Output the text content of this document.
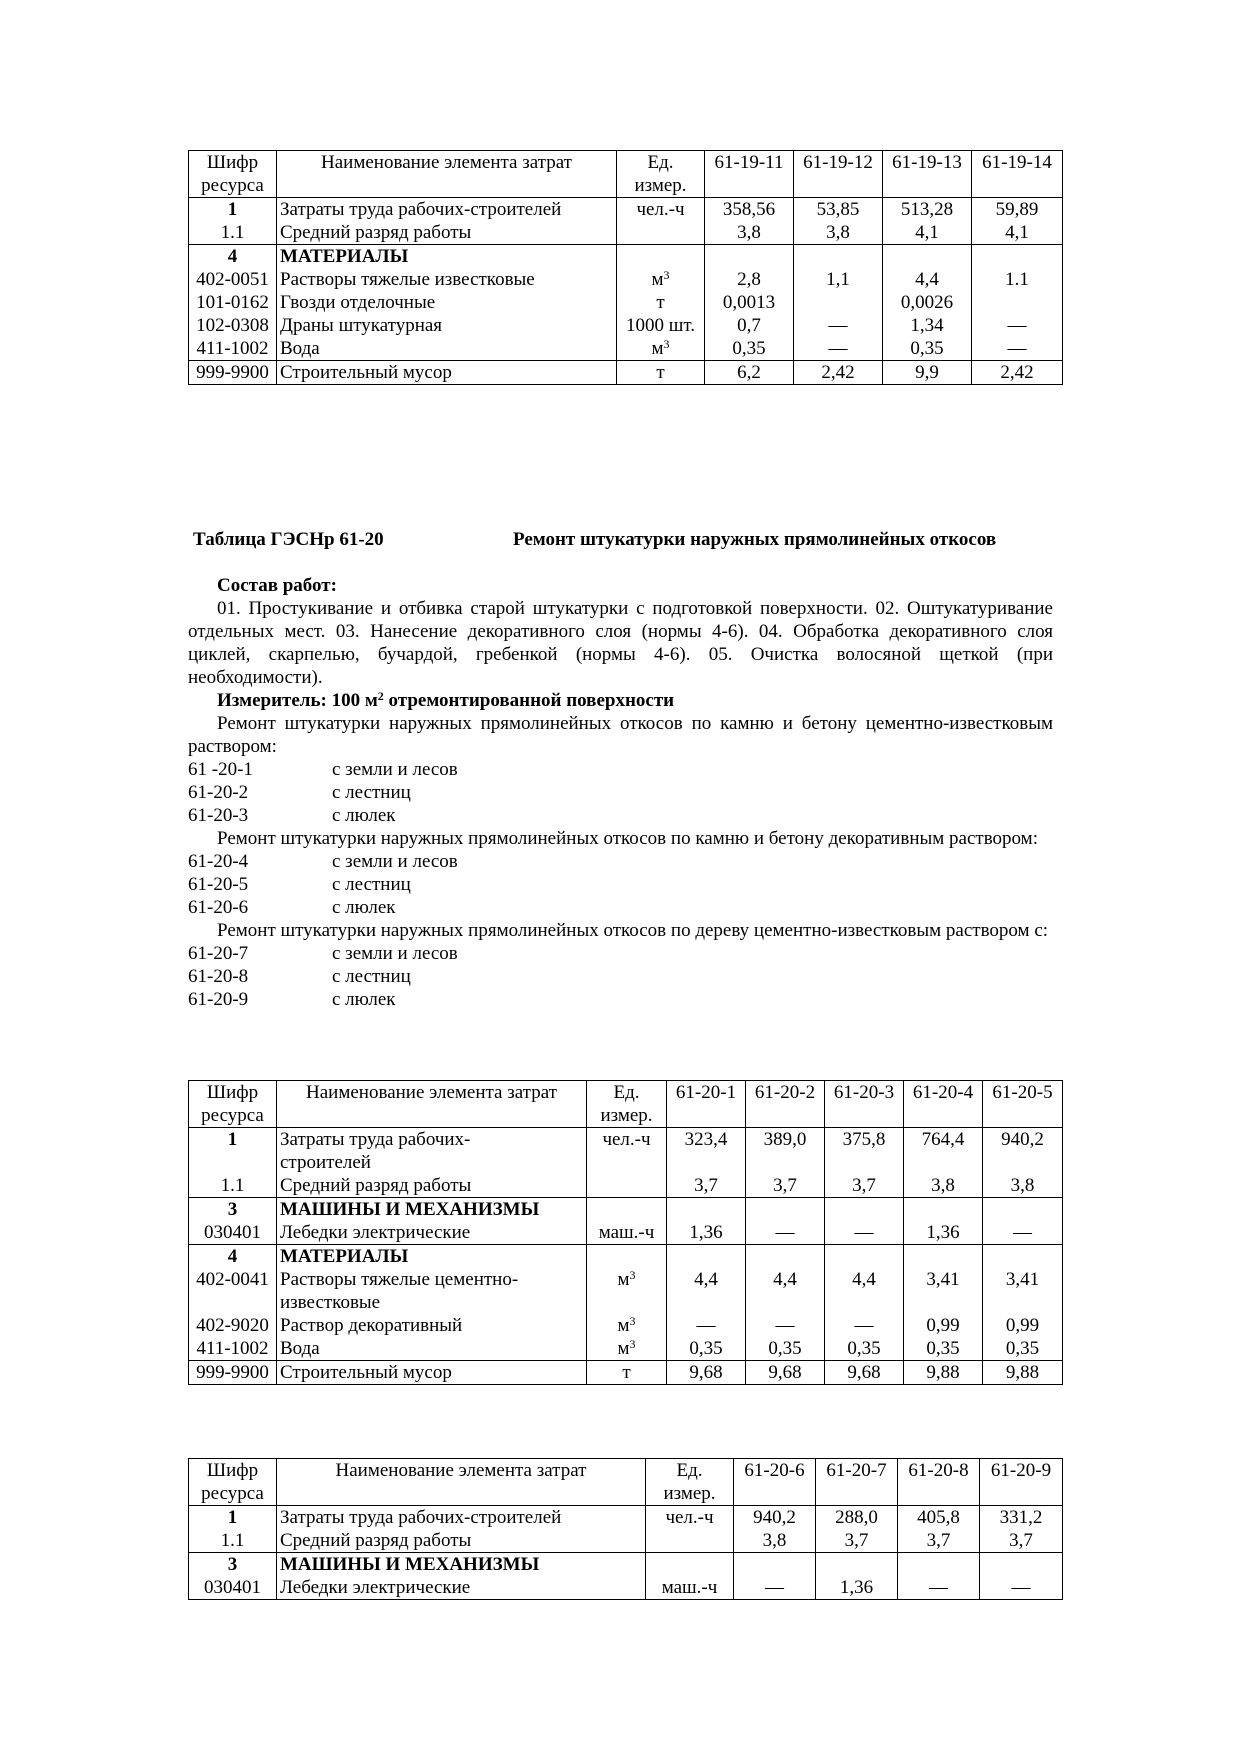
Шифр ресурса	Наименование элемента затрат	Ед. измер.	61-19-11	61-19-12	61-19-13	61-19-14
1	Затраты труда рабочих-строителей	чел.-ч	358,56	53,85	513,28	59,89
1.1	Средний разряд работы		3,8	3,8	4,1	4,1
4	МАТЕРИАЛЫ					
402-0051	Растворы тяжелые известковые	$м^3$	2,8	1,1	4,4	1.1
101-0162	Гвозди отделочные	т	0,0013		0,0026	
102-0308	Драны штукатурная	1000 шт.	0,7	—	1,34	—
411-1002	Вода	$м^3$	0,35	—	0,35	—
999-9900	Строительный мусор	т	6,2	2,42	9,9	2,42
Таблица ГЭСНр 61-20	Ремонт штукатурки наружных прямолинейных откосов
Состав работ:
01. Простукивание и отбивка старой штукатурки с подготовкой поверхности. 02. Оштукатуривание отдельных мест. 03. Нанесение декоративного слоя (нормы 4-6). 04. Обработка декоративного слоя циклей, скарпелью, бучардой, гребенкой (нормы 4-6). 05. Очистка волосяной щеткой (при необходимости).
Измеритель: 100 $м^2$ отремонтированной поверхности
Ремонт штукатурки наружных прямолинейных откосов по камню и бетону цементно-известковым раствором:
61 -20-1	с земли и лесов
61-20-2	с лестниц
61-20-3	с люлек
Ремонт штукатурки наружных прямолинейных откосов по камню и бетону декоративным раствором:
61-20-4	с земли и лесов
61-20-5	с лестниц
61-20-6	с люлек
Ремонт штукатурки наружных прямолинейных откосов по дереву цементно-известковым раствором с:
61-20-7	с земли и лесов
61-20-8	с лестниц
61-20-9	с люлек
Шифр ресурса	Наименование элемента затрат	Ед. измер.	61-20-1	61-20-2	61-20-3	61-20-4	61-20-5
1	Затраты труда рабочих-
строителей	чел.-ч	323,4	389,0	375,8	764,4	940,2
1.1	Средний разряд работы		3,7	3,7	3,7	3,8	3,8
3	МАШИНЫ И МЕХАНИЗМЫ						
030401	Лебедки электрические	маш.-ч	1,36	—	—	1,36	—
4	МАТЕРИАЛЫ						
402-0041	Растворы тяжелые цементно-
известковые	$м^3$	4,4	4,4	4,4	3,41	3,41
402-9020	Раствор декоративный	$м^3$	—	—	—	0,99	0,99
411-1002	Вода	$м^3$	0,35	0,35	0,35	0,35	0,35
999-9900	Строительный мусор	т	9,68	9,68	9,68	9,88	9,88
Шифр ресурса	Наименование элемента затрат	Ед. измер.	61-20-6	61-20-7	61-20-8	61-20-9
1	Затраты труда рабочих-строителей	чел.-ч	940,2	288,0	405,8	331,2
1.1	Средний разряд работы		3,8	3,7	3,7	3,7
3	МАШИНЫ И МЕХАНИЗМЫ					
030401	Лебедки электрические	маш.-ч	—	1,36	—	—
